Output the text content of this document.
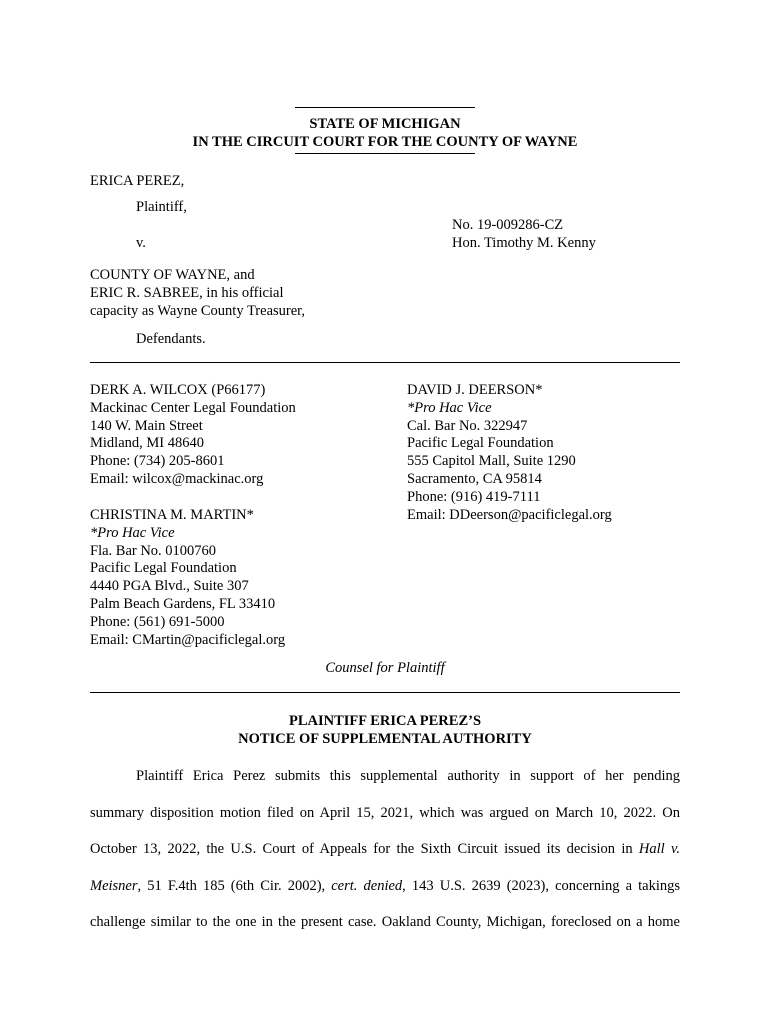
STATE OF MICHIGAN
IN THE CIRCUIT COURT FOR THE COUNTY OF WAYNE
ERICA PEREZ,
Plaintiff,
No. 19-009286-CZ
v.	Hon. Timothy M. Kenny
COUNTY OF WAYNE, and
ERIC R. SABREE, in his official
capacity as Wayne County Treasurer,
Defendants.
DERK A. WILCOX (P66177)
Mackinac Center Legal Foundation
140 W. Main Street
Midland, MI 48640
Phone: (734) 205-8601
Email: wilcox@mackinac.org
DAVID J. DEERSON*
*Pro Hac Vice
Cal. Bar No. 322947
Pacific Legal Foundation
555 Capitol Mall, Suite 1290
Sacramento, CA 95814
Phone: (916) 419-7111
Email: DDeerson@pacificlegal.org
CHRISTINA M. MARTIN*
*Pro Hac Vice
Fla. Bar No. 0100760
Pacific Legal Foundation
4440 PGA Blvd., Suite 307
Palm Beach Gardens, FL 33410
Phone: (561) 691-5000
Email: CMartin@pacificlegal.org
Counsel for Plaintiff
PLAINTIFF ERICA PEREZ’S
NOTICE OF SUPPLEMENTAL AUTHORITY
Plaintiff Erica Perez submits this supplemental authority in support of her pending
summary disposition motion filed on April 15, 2021, which was argued on March 10, 2022. On
October 13, 2022, the U.S. Court of Appeals for the Sixth Circuit issued its decision in Hall v.
Meisner, 51 F.4th 185 (6th Cir. 2002), cert. denied, 143 U.S. 2639 (2023), concerning a takings
challenge similar to the one in the present case. Oakland County, Michigan, foreclosed on a home
